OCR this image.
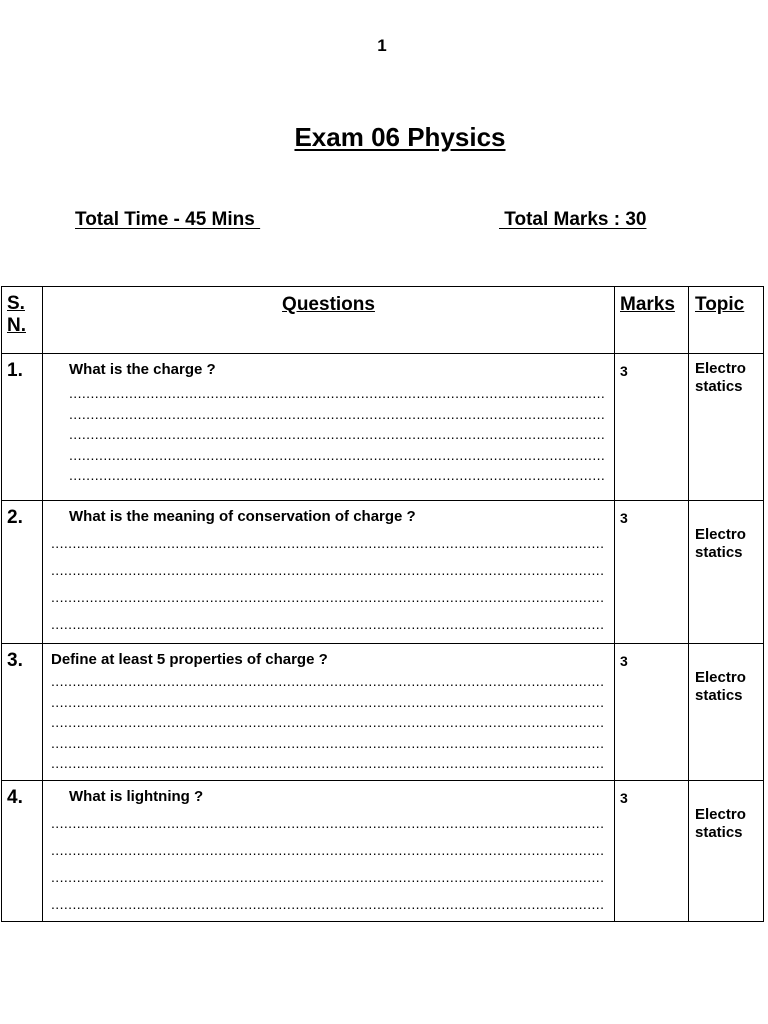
1
Exam 06 Physics
Total Time - 45 Mins	Total Marks : 30
S.
N.	Questions	Marks	Topic
1.	What is the charge ?
.....
.....
.....
.....
.....	3	Electro
statics

2.	What is the meaning of conservation of charge ?
.....
.....
.....
.....	3	Electro
statics

3.	Define at least 5 properties of charge ?
.....
.....
.....
.....
.....	3	Electro
statics

4.	What is lightning ?
.....
.....
.....
.....	3	Electro
statics
